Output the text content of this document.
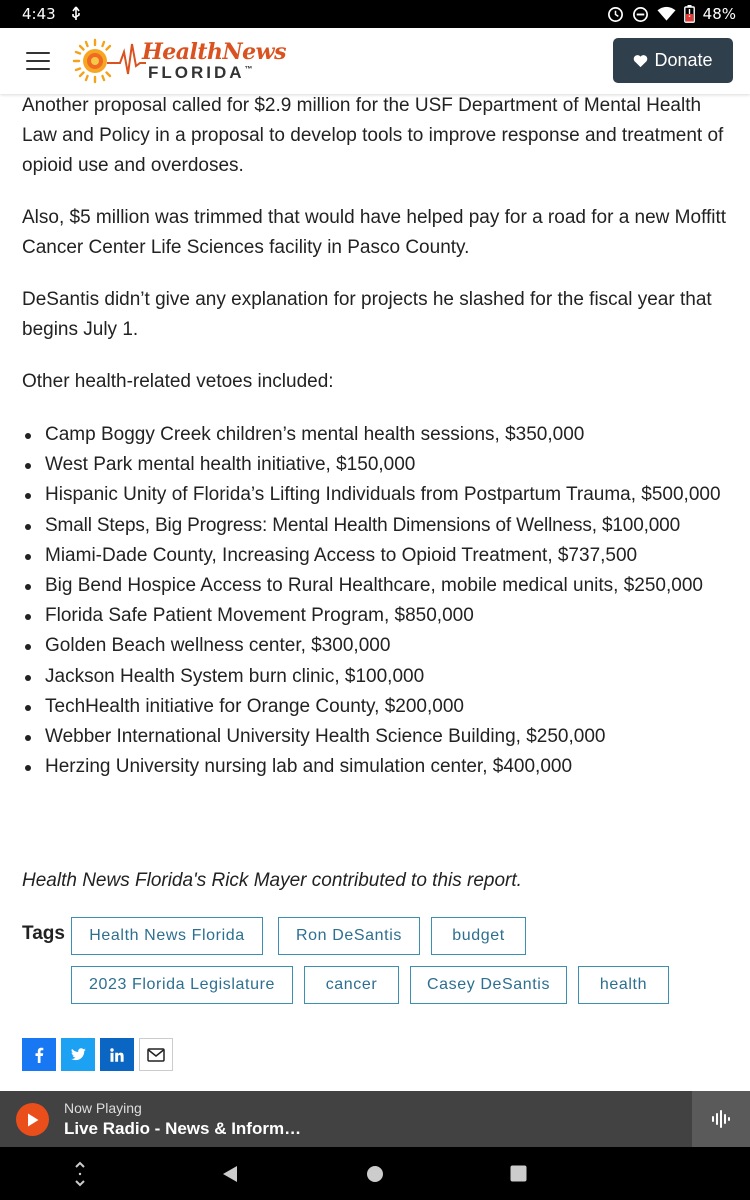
4:43	48%
HealthNews
FLORIDA™	Donate

Another proposal called for $2.9 million for the USF Department of Mental Health Law and Policy in a proposal to develop tools to improve response and treatment of opioid use and overdoses.

Also, $5 million was trimmed that would have helped pay for a road for a new Moffitt Cancer Center Life Sciences facility in Pasco County.

DeSantis didn’t give any explanation for projects he slashed for the fiscal year that begins July 1.

Other health-related vetoes included:

Camp Boggy Creek children’s mental health sessions, $350,000
West Park mental health initiative, $150,000
Hispanic Unity of Florida’s Lifting Individuals from Postpartum Trauma, $500,000
Small Steps, Big Progress: Mental Health Dimensions of Wellness, $100,000
Miami-Dade County, Increasing Access to Opioid Treatment, $737,500
Big Bend Hospice Access to Rural Healthcare, mobile medical units, $250,000
Florida Safe Patient Movement Program, $850,000
Golden Beach wellness center, $300,000
Jackson Health System burn clinic, $100,000
TechHealth initiative for Orange County, $200,000
Webber International University Health Science Building, $250,000
Herzing University nursing lab and simulation center, $400,000

Health News Florida's Rick Mayer contributed to this report.

Tags	Health News Florida	Ron DeSantis	budget
2023 Florida Legislature	cancer	Casey DeSantis	health
Now Playing
Live Radio - News & Inform…
